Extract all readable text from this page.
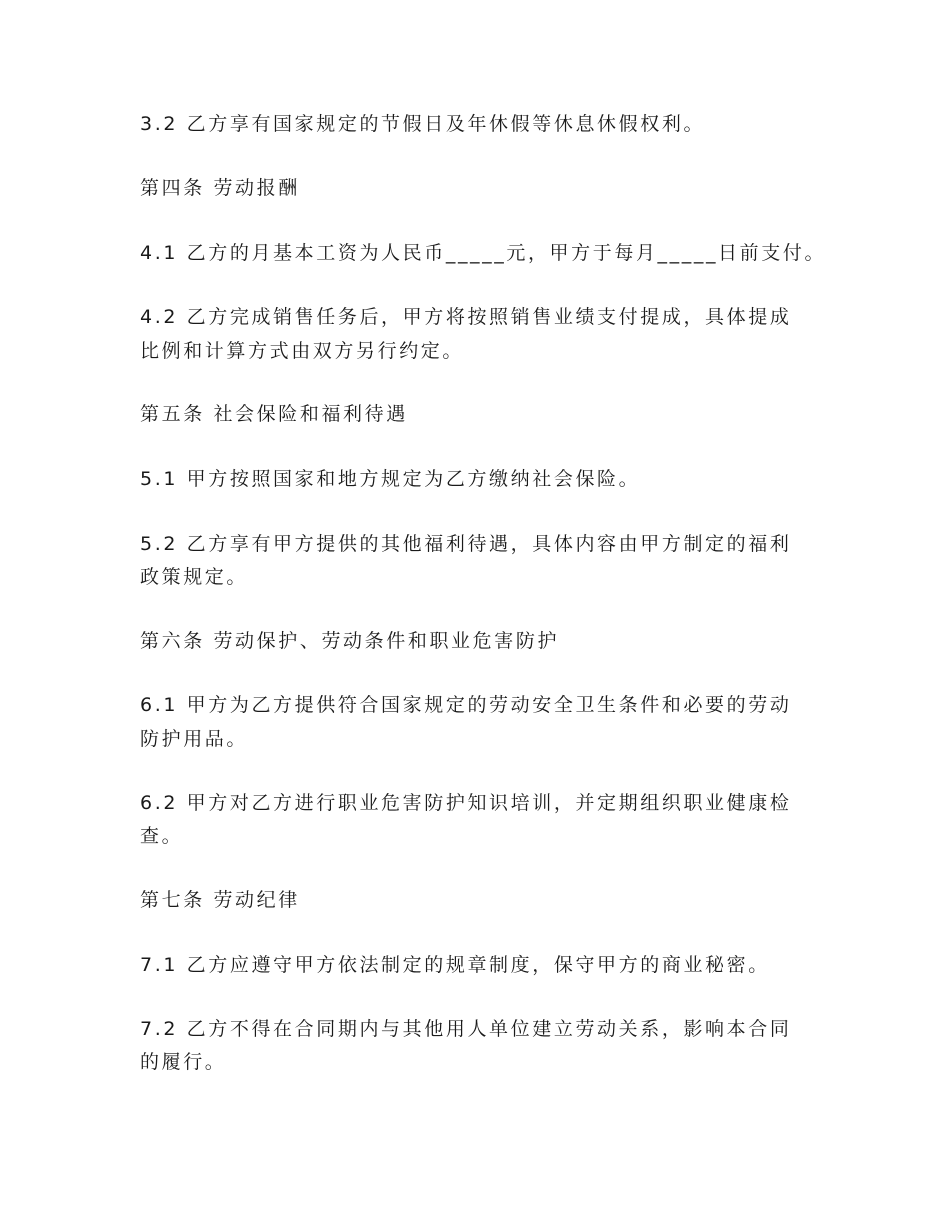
3.2 乙方享有国家规定的节假日及年休假等休息休假权利。
第四条 劳动报酬
4.1 乙方的月基本工资为人民币_____元，甲方于每月_____日前支付。
4.2 乙方完成销售任务后，甲方将按照销售业绩支付提成，具体提成
比例和计算方式由双方另行约定。
第五条 社会保险和福利待遇
5.1 甲方按照国家和地方规定为乙方缴纳社会保险。
5.2 乙方享有甲方提供的其他福利待遇，具体内容由甲方制定的福利
政策规定。
第六条 劳动保护、劳动条件和职业危害防护
6.1 甲方为乙方提供符合国家规定的劳动安全卫生条件和必要的劳动
防护用品。
6.2 甲方对乙方进行职业危害防护知识培训，并定期组织职业健康检
查。
第七条 劳动纪律
7.1 乙方应遵守甲方依法制定的规章制度，保守甲方的商业秘密。
7.2 乙方不得在合同期内与其他用人单位建立劳动关系，影响本合同
的履行。
